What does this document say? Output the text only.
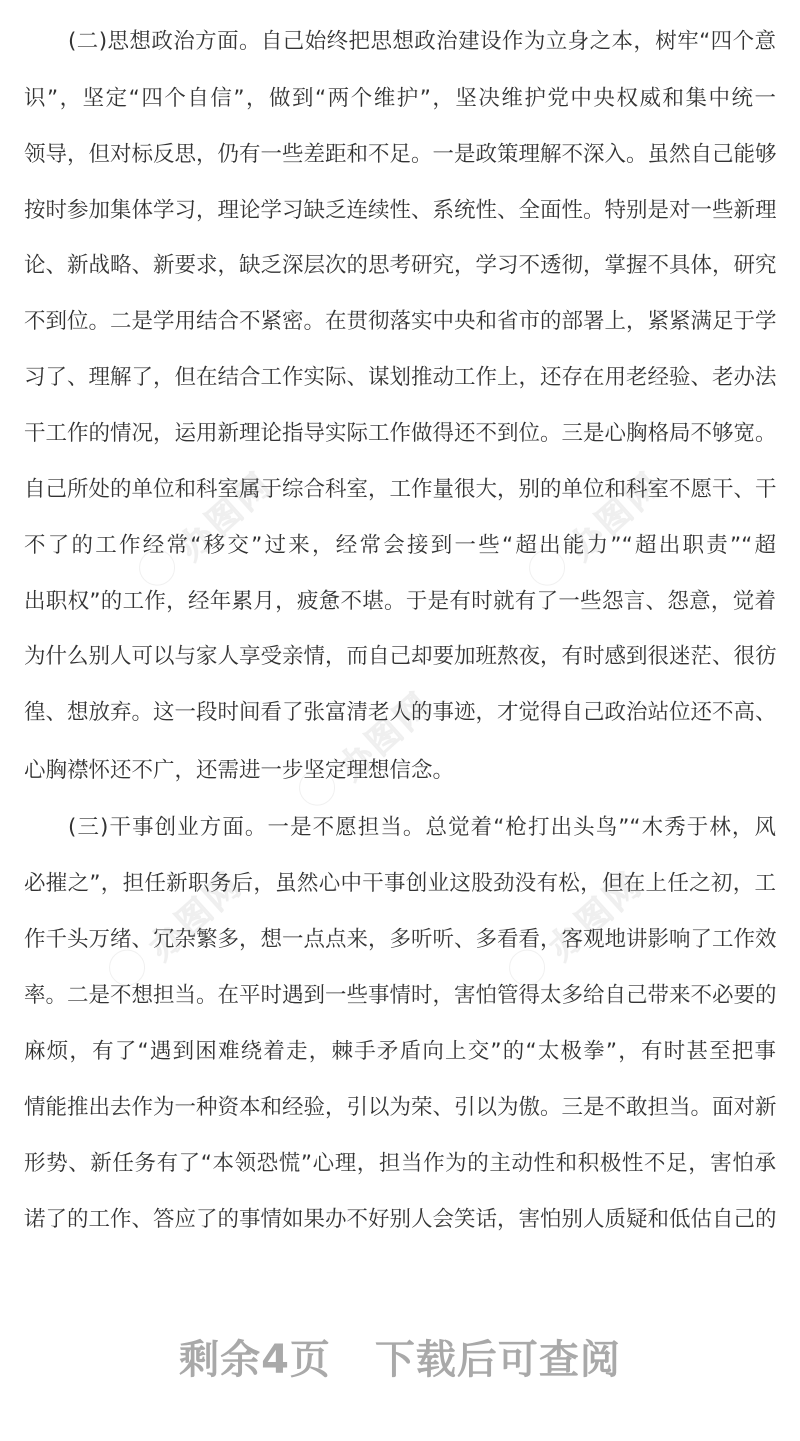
办图网	办图网
办图网
办图网	办图网
(二)思想政治方面。自己始终把思想政治建设作为立身之本，树牢“四个意
识”，坚定“四个自信”，做到“两个维护”，坚决维护党中央权威和集中统一
领导，但对标反思，仍有一些差距和不足。一是政策理解不深入。虽然自己能够
按时参加集体学习，理论学习缺乏连续性、系统性、全面性。特别是对一些新理
论、新战略、新要求，缺乏深层次的思考研究，学习不透彻，掌握不具体，研究
不到位。二是学用结合不紧密。在贯彻落实中央和省市的部署上，紧紧满足于学
习了、理解了，但在结合工作实际、谋划推动工作上，还存在用老经验、老办法
干工作的情况，运用新理论指导实际工作做得还不到位。三是心胸格局不够宽。
自己所处的单位和科室属于综合科室，工作量很大，别的单位和科室不愿干、干
不了的工作经常“移交”过来，经常会接到一些“超出能力”“超出职责”“超
出职权”的工作，经年累月，疲惫不堪。于是有时就有了一些怨言、怨意，觉着
为什么别人可以与家人享受亲情，而自己却要加班熬夜，有时感到很迷茫、很彷
徨、想放弃。这一段时间看了张富清老人的事迹，才觉得自己政治站位还不高、
心胸襟怀还不广，还需进一步坚定理想信念。
(三)干事创业方面。一是不愿担当。总觉着“枪打出头鸟”“木秀于林，风
必摧之”，担任新职务后，虽然心中干事创业这股劲没有松，但在上任之初，工
作千头万绪、冗杂繁多，想一点点来，多听听、多看看，客观地讲影响了工作效
率。二是不想担当。在平时遇到一些事情时，害怕管得太多给自己带来不必要的
麻烦，有了“遇到困难绕着走，棘手矛盾向上交”的“太极拳”，有时甚至把事
情能推出去作为一种资本和经验，引以为荣、引以为傲。三是不敢担当。面对新
形势、新任务有了“本领恐慌”心理，担当作为的主动性和积极性不足，害怕承
诺了的工作、答应了的事情如果办不好别人会笑话，害怕别人质疑和低估自己的
剩余4页 下载后可查阅
